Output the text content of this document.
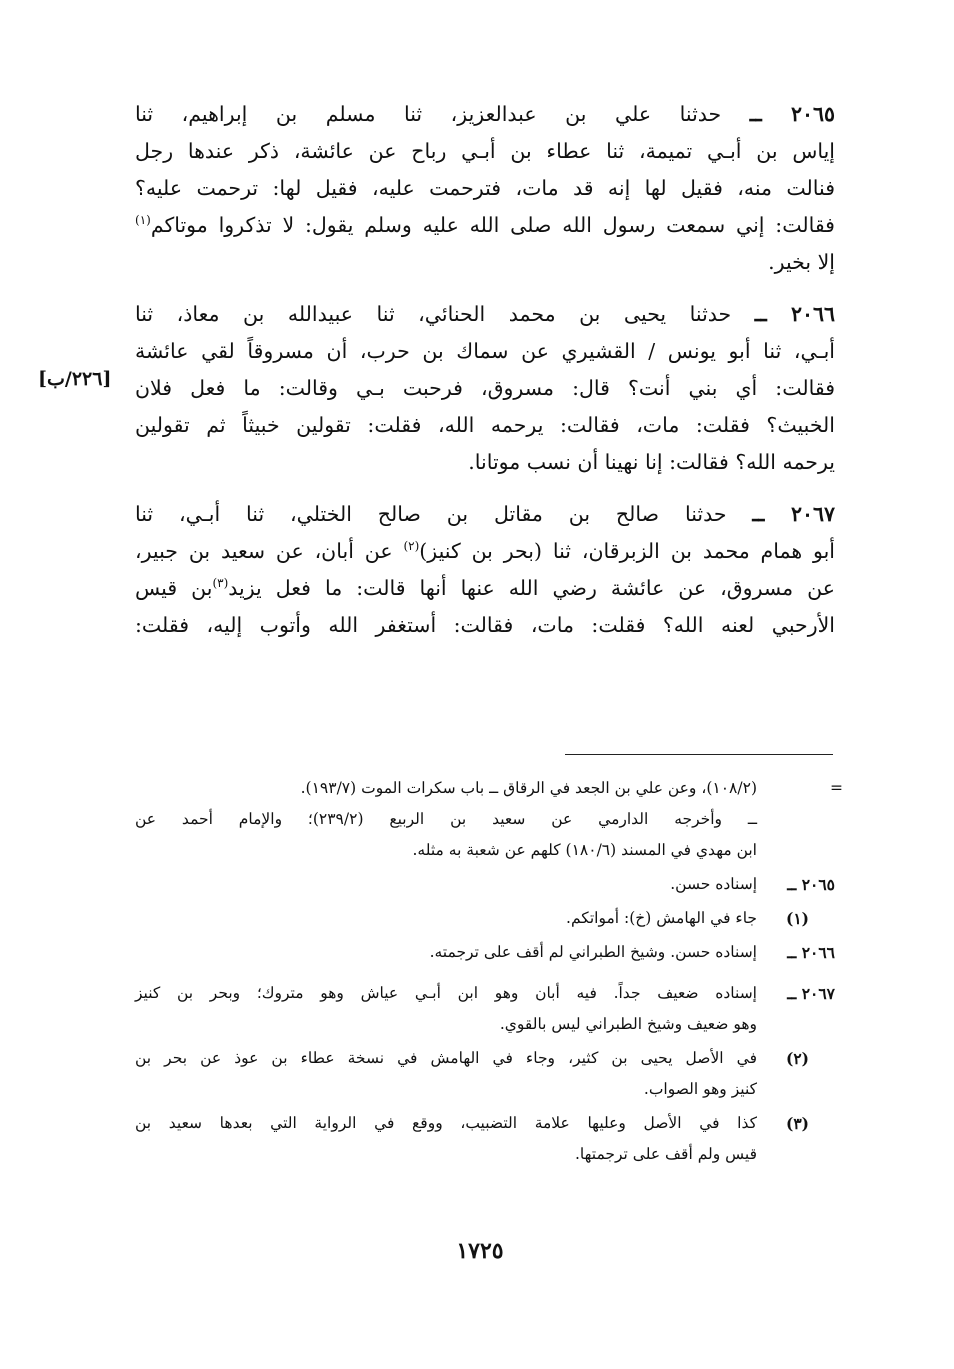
٢٠٦٥ ــ حدثنا علي بن عبدالعزيز، ثنا مسلم بن إبراهيم، ثنا
إياس بن أبـي تميمة، ثنا عطاء بن أبـي رباح عن عائشة، ذكر عندها رجل
فنالت منه، فقيل لها إنه قد مات، فترحمت عليه، فقيل لها: ترحمت عليه؟
فقالت: إني سمعت رسول الله صلى الله عليه وسلم يقول: لا تذكروا موتاكم$^{(١)}$
إلا بخير.
٢٠٦٦ ــ حدثنا يحيى بن محمد الحنائي، ثنا عبيدالله بن معاذ، ثنا
أبـي، ثنا أبو يونس / القشيري عن سماك بن حرب، أن مسروقاً لقي عائشة
فقالت: أي بني أنت؟ قال: مسروق، فرحبت بـي وقالت: ما فعل فلان
الخبيث؟ فقلت: مات، فقالت: يرحمه الله، فقلت: تقولين خبيثاً ثم تقولين
يرحمه الله؟ فقالت: إنا نهينا أن نسب موتانا.
٢٠٦٧ ــ حدثنا صالح بن مقاتل بن صالح الختلي، ثنا أبـي، ثنا
أبو همام محمد بن الزبرقان، ثنا (بحر بن كنيز)$^{(٢)}$ عن أبان، عن سعيد بن جبير،
عن مسروق، عن عائشة رضي الله عنها أنها قالت: ما فعل يزيد$^{(٣)}$بن قيس
الأرحبي لعنه الله؟ فقلت: مات، فقالت: أستغفر الله وأتوب إليه، فقلت:
[٢٢٦/ب]
=
(١٠٨/٢)، وعن علي بن الجعد في الرقاق ــ باب سكرات الموت (١٩٣/٧).
ــ وأخرجه الدارمي عن سعيد بن الربيع (٢٣٩/٢)؛ والإمام أحمد عن
ابن مهدي في المسند (١٨٠/٦) كلهم عن شعبة به مثله.
٢٠٦٥ ــ
إسناده حسن.
(١)
جاء في الهامش (خ): أمواتكم.
٢٠٦٦ ــ
إسناده حسن. وشيخ الطبراني لم أقف على ترجمته.
٢٠٦٧ ــ
إسناده ضعيف جداً. فيه أبان وهو ابن أبـي عياش وهو متروك؛ وبحر بن كنيز
وهو ضعيف وشيخ الطبراني ليس بالقوي.
(٢)
في الأصل يحيى بن كثير، وجاء في الهامش في نسخة عطاء بن عوذ عن بحر بن
كنيز وهو الصواب.
(٣)
كذا في الأصل وعليها علامة التضبيب، ووقع في الرواية التي بعدها سعيد بن
قيس ولم أقف على ترجمتها.
١٧٢٥
